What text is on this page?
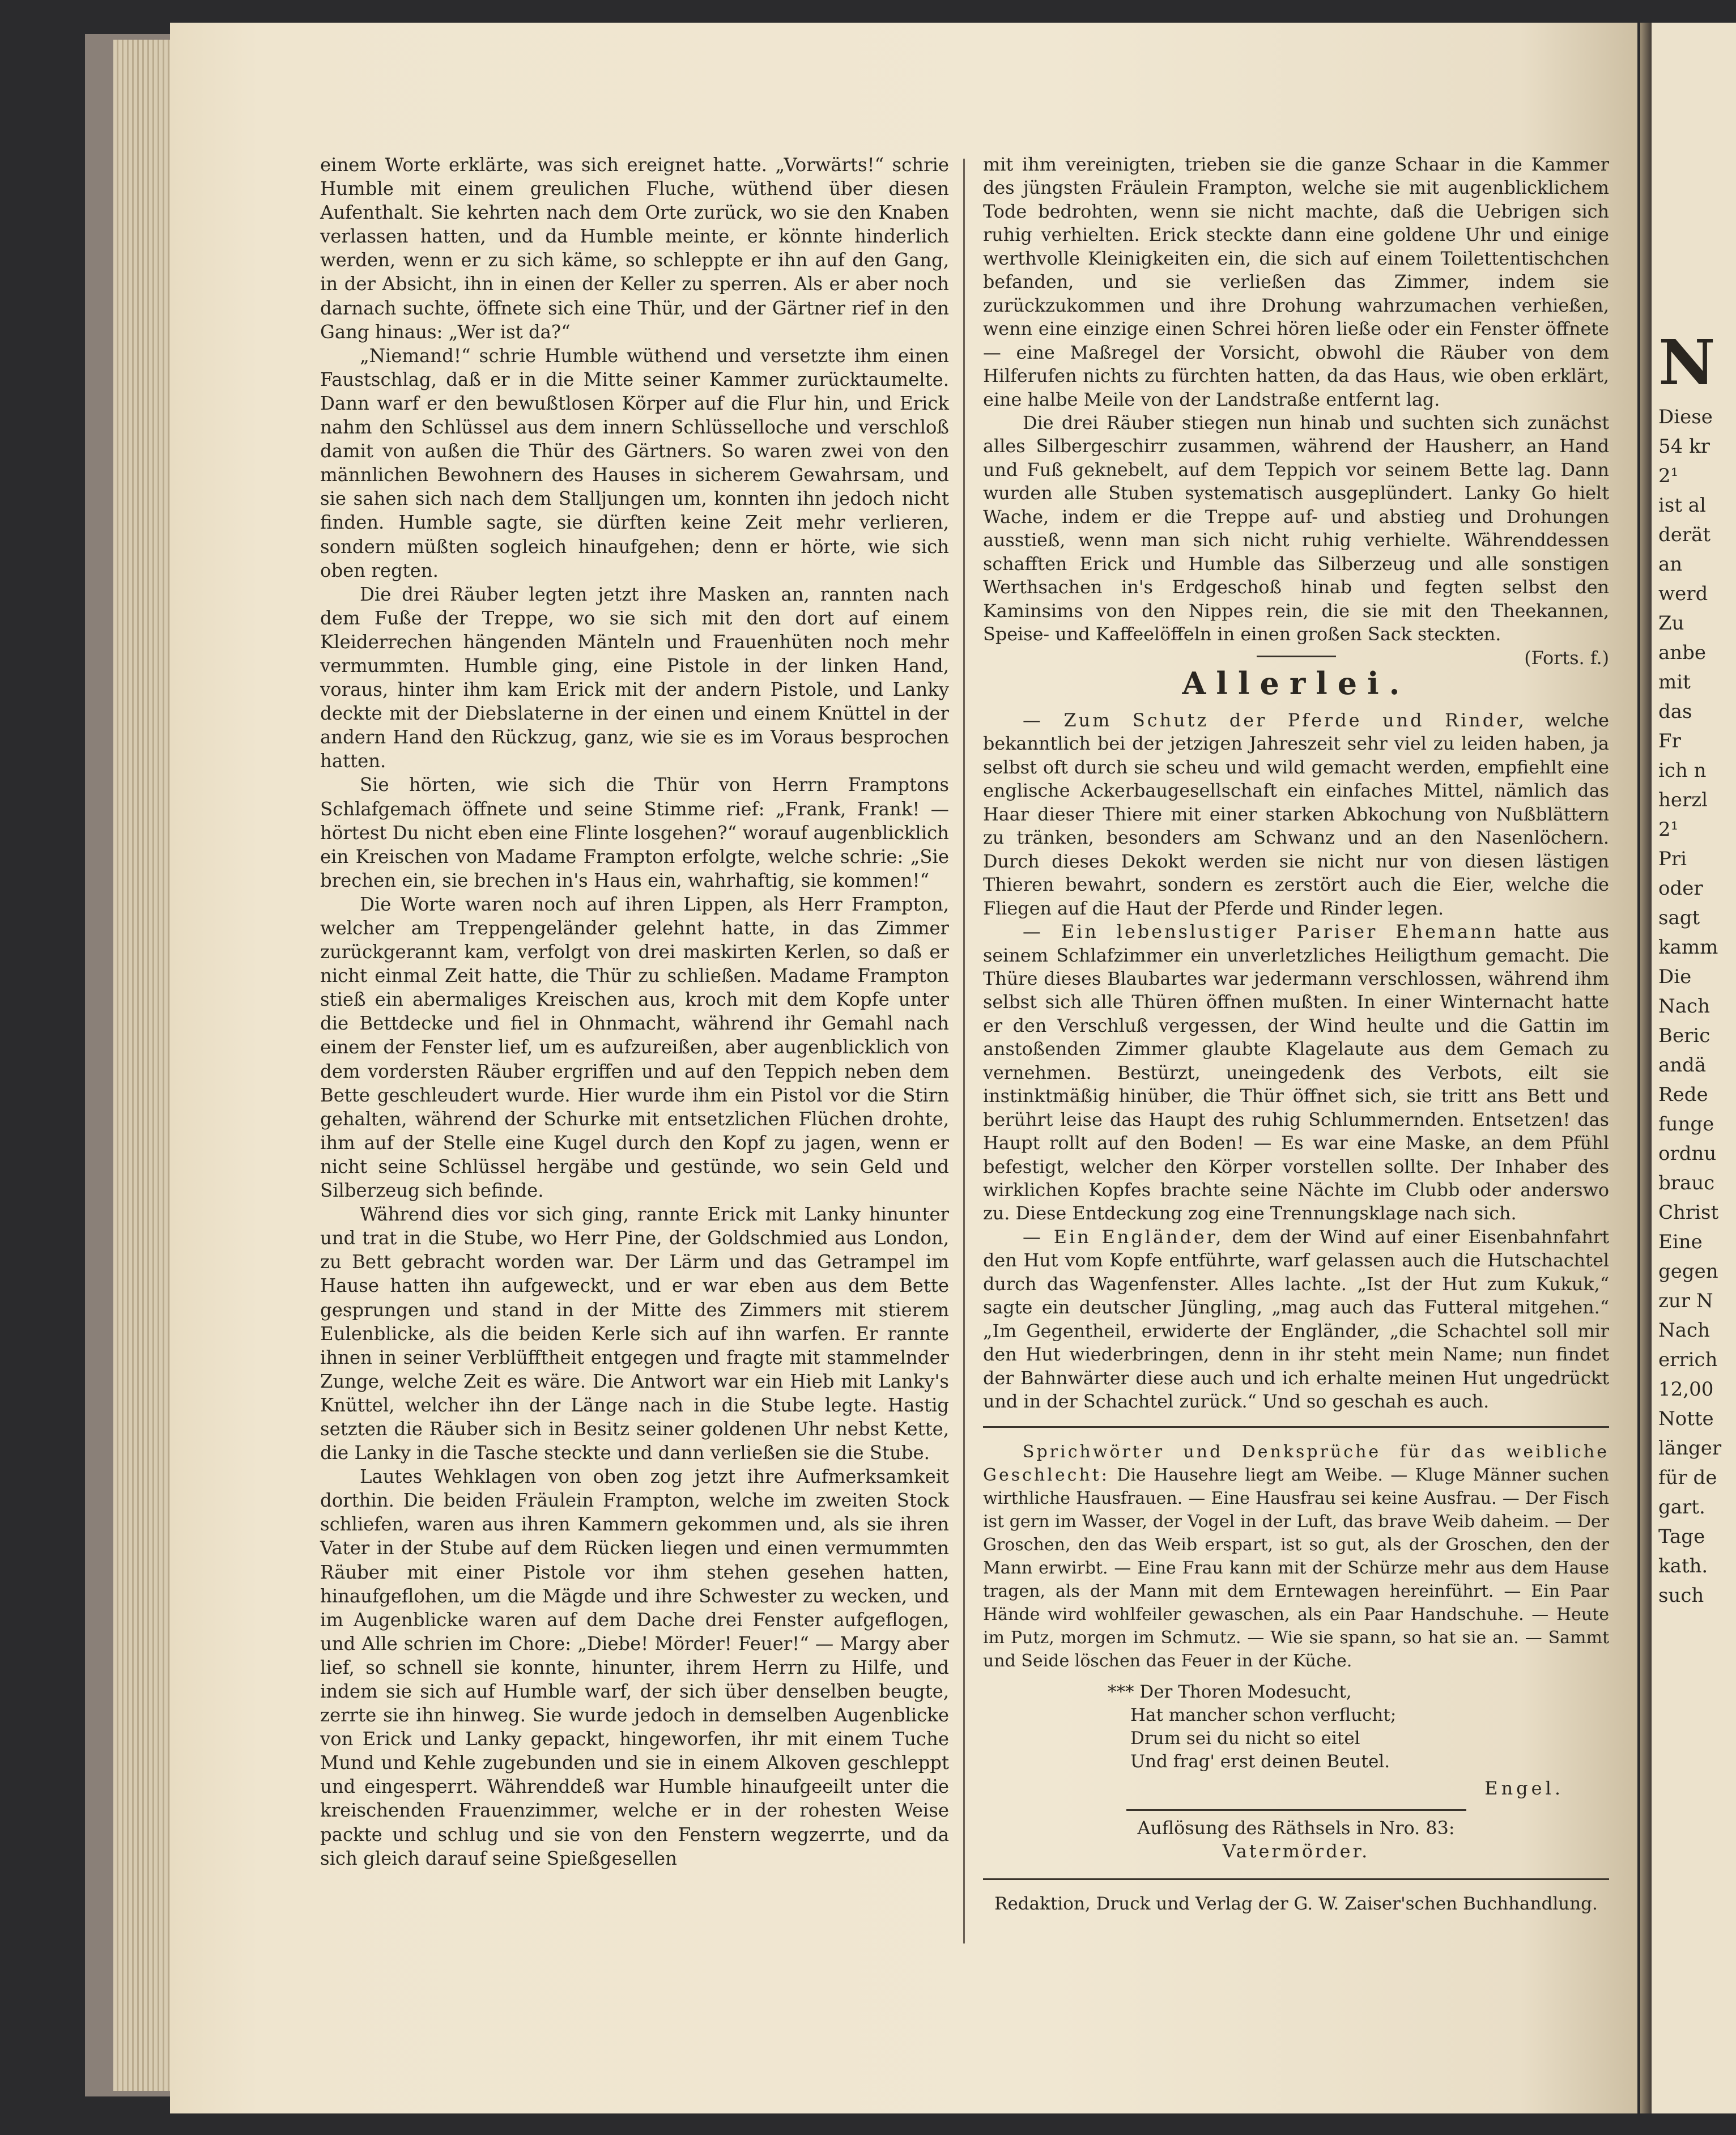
einem Worte erklärte, was sich ereignet hatte. „Vorwärts!“ schrie Humble mit einem greulichen Fluche, wüthend über diesen Aufenthalt. Sie kehrten nach dem Orte zurück, wo sie den Knaben verlassen hatten, und da Humble meinte, er könnte hinderlich werden, wenn er zu sich käme, so schleppte er ihn auf den Gang, in der Absicht, ihn in einen der Keller zu sperren. Als er aber noch darnach suchte, öffnete sich eine Thür, und der Gärtner rief in den Gang hinaus: „Wer ist da?“

„Niemand!“ schrie Humble wüthend und versetzte ihm einen Faustschlag, daß er in die Mitte seiner Kammer zurücktaumelte. Dann warf er den bewußtlosen Körper auf die Flur hin, und Erick nahm den Schlüssel aus dem innern Schlüsselloche und verschloß damit von außen die Thür des Gärtners. So waren zwei von den männlichen Bewohnern des Hauses in sicherem Gewahrsam, und sie sahen sich nach dem Stalljungen um, konnten ihn jedoch nicht finden. Humble sagte, sie dürften keine Zeit mehr verlieren, sondern müßten sogleich hinaufgehen; denn er hörte, wie sich oben regten.

Die drei Räuber legten jetzt ihre Masken an, rannten nach dem Fuße der Treppe, wo sie sich mit den dort auf einem Kleiderrechen hängenden Mänteln und Frauenhüten noch mehr vermummten. Humble ging, eine Pistole in der linken Hand, voraus, hinter ihm kam Erick mit der andern Pistole, und Lanky deckte mit der Diebslaterne in der einen und einem Knüttel in der andern Hand den Rückzug, ganz, wie sie es im Voraus besprochen hatten.

Sie hörten, wie sich die Thür von Herrn Framptons Schlafgemach öffnete und seine Stimme rief: „Frank, Frank! — hörtest Du nicht eben eine Flinte losgehen?“ worauf augenblicklich ein Kreischen von Madame Frampton erfolgte, welche schrie: „Sie brechen ein, sie brechen in's Haus ein, wahrhaftig, sie kommen!“

Die Worte waren noch auf ihren Lippen, als Herr Frampton, welcher am Treppengeländer gelehnt hatte, in das Zimmer zurückgerannt kam, verfolgt von drei maskirten Kerlen, so daß er nicht einmal Zeit hatte, die Thür zu schließen. Madame Frampton stieß ein abermaliges Kreischen aus, kroch mit dem Kopfe unter die Bettdecke und fiel in Ohnmacht, während ihr Gemahl nach einem der Fenster lief, um es aufzureißen, aber augenblicklich von dem vordersten Räuber ergriffen und auf den Teppich neben dem Bette geschleudert wurde. Hier wurde ihm ein Pistol vor die Stirn gehalten, während der Schurke mit entsetzlichen Flüchen drohte, ihm auf der Stelle eine Kugel durch den Kopf zu jagen, wenn er nicht seine Schlüssel hergäbe und gestünde, wo sein Geld und Silberzeug sich befinde.

Während dies vor sich ging, rannte Erick mit Lanky hinunter und trat in die Stube, wo Herr Pine, der Goldschmied aus London, zu Bett gebracht worden war. Der Lärm und das Getrampel im Hause hatten ihn aufgeweckt, und er war eben aus dem Bette gesprungen und stand in der Mitte des Zimmers mit stierem Eulenblicke, als die beiden Kerle sich auf ihn warfen. Er rannte ihnen in seiner Verblüfftheit entgegen und fragte mit stammelnder Zunge, welche Zeit es wäre. Die Antwort war ein Hieb mit Lanky's Knüttel, welcher ihn der Länge nach in die Stube legte. Hastig setzten die Räuber sich in Besitz seiner goldenen Uhr nebst Kette, die Lanky in die Tasche steckte und dann verließen sie die Stube.

Lautes Wehklagen von oben zog jetzt ihre Aufmerksamkeit dorthin. Die beiden Fräulein Frampton, welche im zweiten Stock schliefen, waren aus ihren Kammern gekommen und, als sie ihren Vater in der Stube auf dem Rücken liegen und einen vermummten Räuber mit einer Pistole vor ihm stehen gesehen hatten, hinaufgeflohen, um die Mägde und ihre Schwester zu wecken, und im Augenblicke waren auf dem Dache drei Fenster aufgeflogen, und Alle schrien im Chore: „Diebe! Mörder! Feuer!“ — Margy aber lief, so schnell sie konnte, hinunter, ihrem Herrn zu Hilfe, und indem sie sich auf Humble warf, der sich über denselben beugte, zerrte sie ihn hinweg. Sie wurde jedoch in demselben Augenblicke von Erick und Lanky gepackt, hingeworfen, ihr mit einem Tuche Mund und Kehle zugebunden und sie in einem Alkoven geschleppt und eingesperrt. Währenddeß war Humble hinaufgeeilt unter die kreischenden Frauenzimmer, welche er in der rohesten Weise packte und schlug und sie von den Fenstern wegzerrte, und da sich gleich darauf seine Spießgesellen

mit ihm vereinigten, trieben sie die ganze Schaar in die Kammer des jüngsten Fräulein Frampton, welche sie mit augenblicklichem Tode bedrohten, wenn sie nicht machte, daß die Uebrigen sich ruhig verhielten. Erick steckte dann eine goldene Uhr und einige werthvolle Kleinigkeiten ein, die sich auf einem Toilettentischchen befanden, und sie verließen das Zimmer, indem sie zurückzukommen und ihre Drohung wahrzumachen verhießen, wenn eine einzige einen Schrei hören ließe oder ein Fenster öffnete — eine Maßregel der Vorsicht, obwohl die Räuber von dem Hilferufen nichts zu fürchten hatten, da das Haus, wie oben erklärt, eine halbe Meile von der Landstraße entfernt lag.

Die drei Räuber stiegen nun hinab und suchten sich zunächst alles Silbergeschirr zusammen, während der Hausherr, an Hand und Fuß geknebelt, auf dem Teppich vor seinem Bette lag. Dann wurden alle Stuben systematisch ausgeplündert. Lanky Go hielt Wache, indem er die Treppe auf- und abstieg und Drohungen ausstieß, wenn man sich nicht ruhig verhielte. Währenddessen schafften Erick und Humble das Silberzeug und alle sonstigen Werthsachen in's Erdgeschoß hinab und fegten selbst den Kaminsims von den Nippes rein, die sie mit den Theekannen, Speise- und Kaffeelöffeln in einen großen Sack steckten.
(Forts. f.)

Allerlei.

— Zum Schutz der Pferde und Rinder, welche bekanntlich bei der jetzigen Jahreszeit sehr viel zu leiden haben, ja selbst oft durch sie scheu und wild gemacht werden, empfiehlt eine englische Ackerbaugesellschaft ein einfaches Mittel, nämlich das Haar dieser Thiere mit einer starken Abkochung von Nußblättern zu tränken, besonders am Schwanz und an den Nasenlöchern. Durch dieses Dekokt werden sie nicht nur von diesen lästigen Thieren bewahrt, sondern es zerstört auch die Eier, welche die Fliegen auf die Haut der Pferde und Rinder legen.

— Ein lebenslustiger Pariser Ehemann hatte aus seinem Schlafzimmer ein unverletzliches Heiligthum gemacht. Die Thüre dieses Blaubartes war jedermann verschlossen, während ihm selbst sich alle Thüren öffnen mußten. In einer Winternacht hatte er den Verschluß vergessen, der Wind heulte und die Gattin im anstoßenden Zimmer glaubte Klagelaute aus dem Gemach zu vernehmen. Bestürzt, uneingedenk des Verbots, eilt sie instinktmäßig hinüber, die Thür öffnet sich, sie tritt ans Bett und berührt leise das Haupt des ruhig Schlummernden. Entsetzen! das Haupt rollt auf den Boden! — Es war eine Maske, an dem Pfühl befestigt, welcher den Körper vorstellen sollte. Der Inhaber des wirklichen Kopfes brachte seine Nächte im Clubb oder anderswo zu. Diese Entdeckung zog eine Trennungsklage nach sich.

— Ein Engländer, dem der Wind auf einer Eisenbahnfahrt den Hut vom Kopfe entführte, warf gelassen auch die Hutschachtel durch das Wagenfenster. Alles lachte. „Ist der Hut zum Kukuk,“ sagte ein deutscher Jüngling, „mag auch das Futteral mitgehen.“ „Im Gegentheil, erwiderte der Engländer, „die Schachtel soll mir den Hut wiederbringen, denn in ihr steht mein Name; nun findet der Bahnwärter diese auch und ich erhalte meinen Hut ungedrückt und in der Schachtel zurück.“ Und so geschah es auch.

Sprichwörter und Denksprüche für das weibliche Geschlecht: Die Hausehre liegt am Weibe. — Kluge Männer suchen wirthliche Hausfrauen. — Eine Hausfrau sei keine Ausfrau. — Der Fisch ist gern im Wasser, der Vogel in der Luft, das brave Weib daheim. — Der Groschen, den das Weib erspart, ist so gut, als der Groschen, den der Mann erwirbt. — Eine Frau kann mit der Schürze mehr aus dem Hause tragen, als der Mann mit dem Erntewagen hereinführt. — Ein Paar Hände wird wohlfeiler gewaschen, als ein Paar Handschuhe. — Heute im Putz, morgen im Schmutz. — Wie sie spann, so hat sie an. — Sammt und Seide löschen das Feuer in der Küche.

*** Der Thoren Modesucht,
Hat mancher schon verflucht;
Drum sei du nicht so eitel
Und frag' erst deinen Beutel.
Engel.

Auflösung des Räthsels in Nro. 83:

Vatermörder.

Redaktion, Druck und Verlag der G. W. Zaiser'schen Buchhandlung.
N
Diese
54 kr
2¹
ist al
derät
an
werd
Zu
anbe
mit
das
Fr
ich n
herzl
2¹
Pri
oder
sagt
kamm
Die
Nach
Beric
andä
Rede
funge
ordnu
brauc
Christ
Eine
gegen
zur N
Nach
errich
12,00
Notte
länger
für de
gart.
Tage
kath.
such
